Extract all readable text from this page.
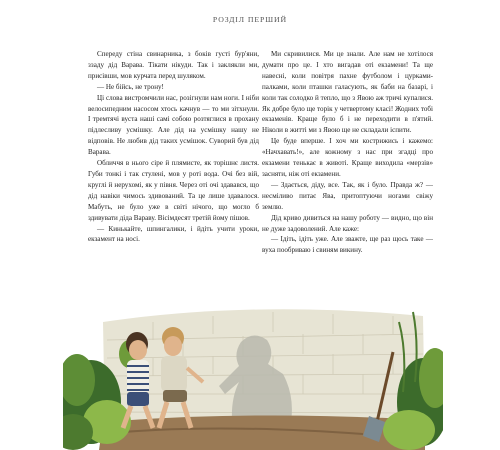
РОЗДІЛ ПЕРШИЙ

Спереду стіна свинарника, з боків густі бур'яни, ззаду дід Варава. Тікати нікуди. Так і заклякли ми, присівши, мов курчата перед шуляком.

— Не бійсь, не трону!

Ці слова вистромчили нас, розігнули нам ноги. І ніби велосипедним насосом хтось качнув — то ми зітхнули. І тремтячі вуста наші самі собою розтяглися в прохану підлесливу усмішку. Але дід на усмішку нашу не відповів. Не любив дід таких усмішок. Суворий був дід Варава.

Обличчя в нього сіре й плямисте, як торішнє листя. Губи тонкі і так стулені, мов у роті вода. Очі без вій, круглі й нерухомі, як у півня. Через оті очі здавався, що дід навіки чимось здивований. Та це лише здавалося. Мабуть, не було уже в світі нічого, що могло б здивувати діда Вараву. Вісімдесят третій йому пішов.

— Кинькайте, шпингалики, і йдіть учити уроки, екзамент на носі.

Ми скривилися. Ми це знали. Але нам не хотілося думати про це. І хто вигадав оті екзамени! Та ще навесні, коли повітря пахне футболом і цурками-палками, коли пташки галасують, як баби на базарі, і коли так солодко й тепло, що з Явою аж тричі купалися. Як добре було ще торік у четвертому класі! Жодних тобі екзаменів. Краще було б і не переходити в п'ятий. Ніколи в житті ми з Явою ще не складали іспити.

Це буде вперше. І хоч ми кострижись і кажемо: «Начхавать!», але кожному з нас при згадці про екзамени тенькає в животі. Краще виходила «мерзів» засняти, ніж оті екзамени.

— Здається, діду, все. Так, як і було. Правда ж? — несміливо питає Ява, притоптуючи ногами свіжу землю.

Дід криво дивиться на нашу роботу — видно, що він не дуже задоволений. Але каже:

— Ідіть, ідіть уже. Але зважте, ще раз щось таке — вуха пообриваю і свиням викину.
